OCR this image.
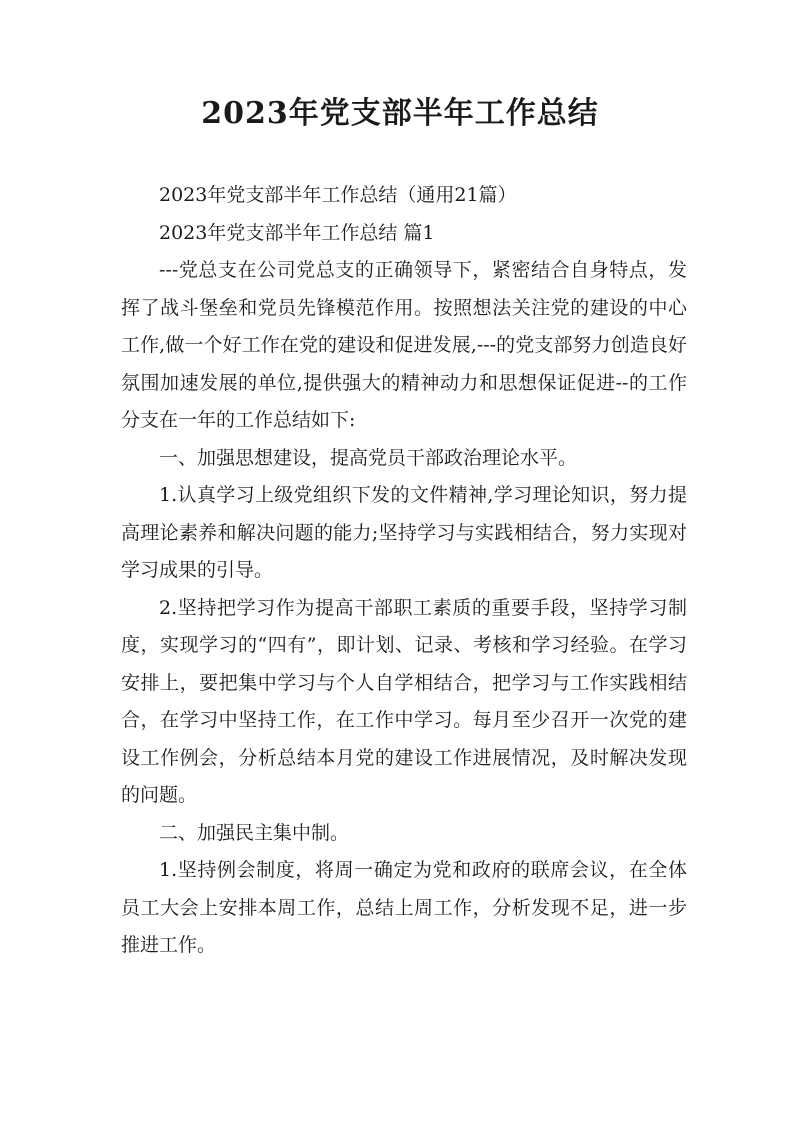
2023年党支部半年工作总结

2023年党支部半年工作总结（通用21篇）

2023年党支部半年工作总结 篇1

---党总支在公司党总支的正确领导下，紧密结合自身特点，发挥了战斗堡垒和党员先锋模范作用。按照想法关注党的建设的中心工作,做一个好工作在党的建设和促进发展,---的党支部努力创造良好氛围加速发展的单位,提供强大的精神动力和思想保证促进--的工作分支在一年的工作总结如下:

一、加强思想建设，提高党员干部政治理论水平。

1.认真学习上级党组织下发的文件精神,学习理论知识，努力提高理论素养和解决问题的能力;坚持学习与实践相结合，努力实现对学习成果的引导。

2.坚持把学习作为提高干部职工素质的重要手段，坚持学习制度，实现学习的“四有”，即计划、记录、考核和学习经验。在学习安排上，要把集中学习与个人自学相结合，把学习与工作实践相结合，在学习中坚持工作，在工作中学习。每月至少召开一次党的建设工作例会，分析总结本月党的建设工作进展情况，及时解决发现的问题。

二、加强民主集中制。

1.坚持例会制度，将周一确定为党和政府的联席会议，在全体员工大会上安排本周工作，总结上周工作，分析发现不足，进一步推进工作。
